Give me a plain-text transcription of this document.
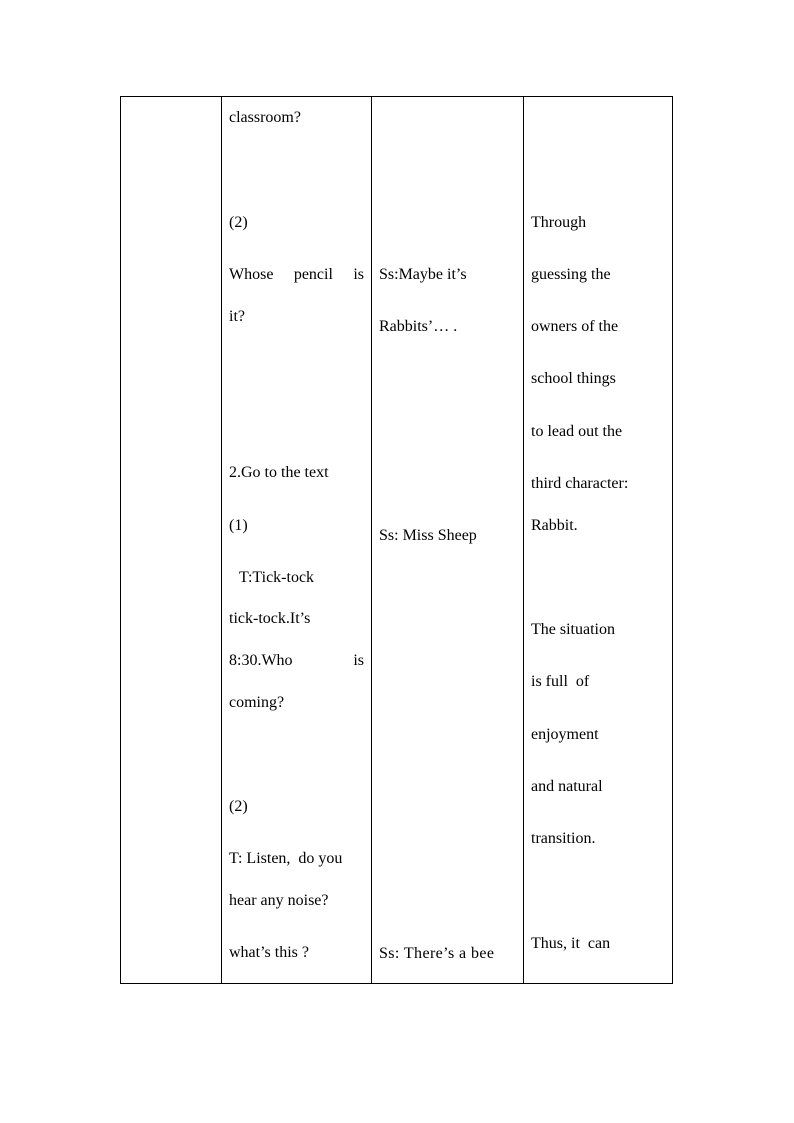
classroom?
(2)
Whose pencil is
it?
2.Go to the text
(1)
T:Tick-tock
tick-tock.It’s
8:30.Who	is
coming?
(2)
T: Listen,  do you
hear any noise?
what’s this ?
Ss:Maybe it’s
Rabbits’… .
Ss: Miss Sheep
Ss: There’s a bee
Through
guessing the
owners of the
school things
to lead out the
third character:
Rabbit.
The situation
is full  of
enjoyment
and natural
transition.
Thus, it  can
